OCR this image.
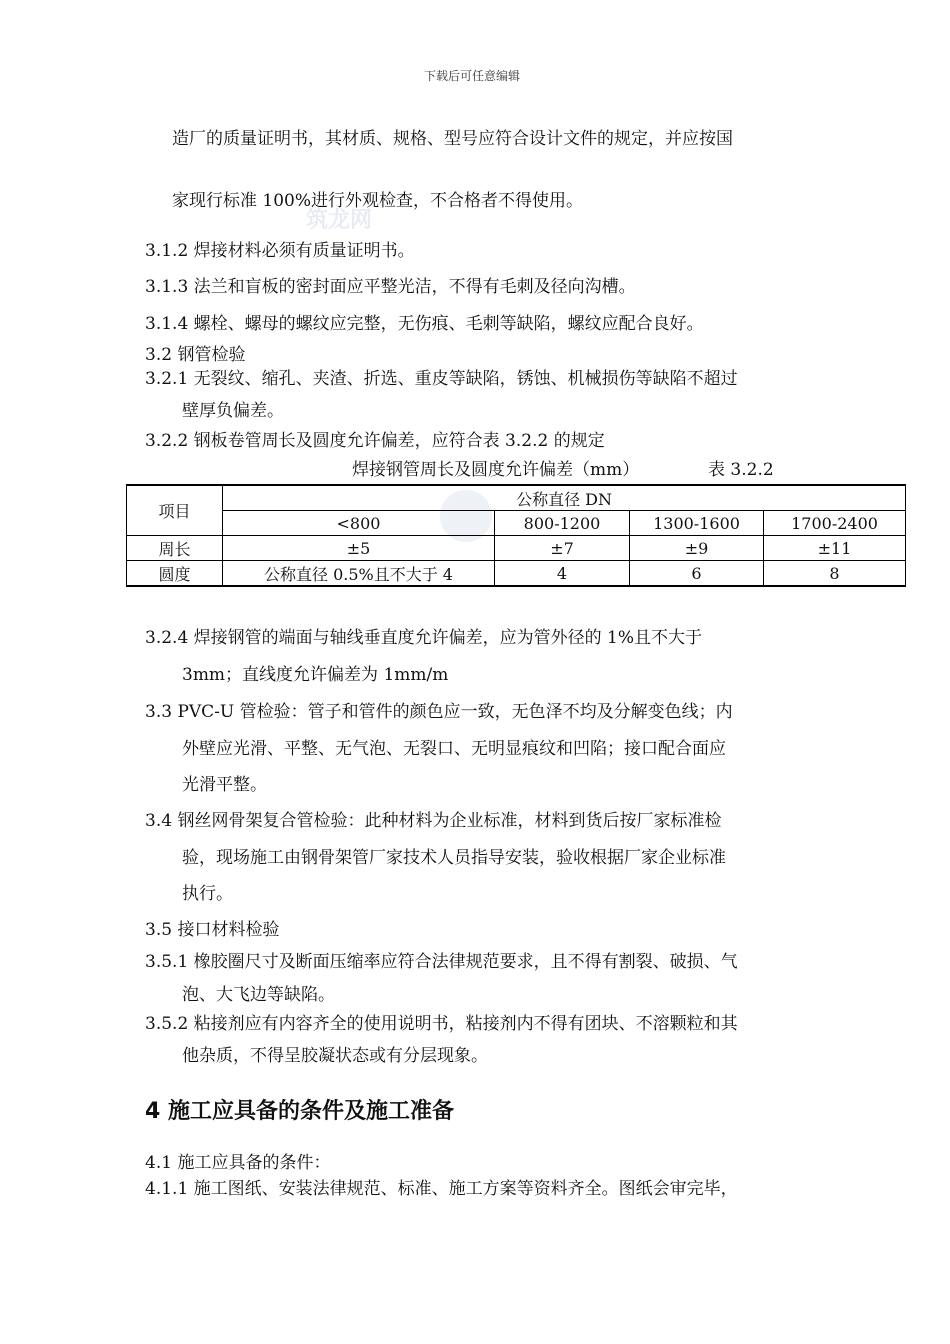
下载后可任意编辑
筑龙网
造厂的质量证明书，其材质、规格、型号应符合设计文件的规定，并应按国
家现行标准 100%进行外观检查，不合格者不得使用。
3.1.2 焊接材料必须有质量证明书。
3.1.3 法兰和盲板的密封面应平整光洁，不得有毛刺及径向沟槽。
3.1.4 螺栓、螺母的螺纹应完整，无伤痕、毛刺等缺陷，螺纹应配合良好。
3.2 钢管检验
3.2.1 无裂纹、缩孔、夹渣、折选、重皮等缺陷，锈蚀、机械损伤等缺陷不超过
壁厚负偏差。
3.2.2 钢板卷管周长及圆度允许偏差，应符合表 3.2.2 的规定
焊接钢管周长及圆度允许偏差（mm）	表 3.2.2
项目	公称直径 DN			
	<800	800-1200	1300-1600	1700-2400
周长	±5	±7	±9	±11
圆度	公称直径 0.5%且不大于 4	4	6	8
3.2.4 焊接钢管的端面与轴线垂直度允许偏差，应为管外径的 1%且不大于
3mm；直线度允许偏差为 1mm/m
3.3 PVC-U 管检验：管子和管件的颜色应一致，无色泽不均及分解变色线；内
外壁应光滑、平整、无气泡、无裂口、无明显痕纹和凹陷；接口配合面应
光滑平整。
3.4 钢丝网骨架复合管检验：此种材料为企业标准，材料到货后按厂家标准检
验，现场施工由钢骨架管厂家技术人员指导安装，验收根据厂家企业标准
执行。
3.5 接口材料检验
3.5.1 橡胶圈尺寸及断面压缩率应符合法律规范要求，且不得有割裂、破损、气
泡、大飞边等缺陷。
3.5.2 粘接剂应有内容齐全的使用说明书，粘接剂内不得有团块、不溶颗粒和其
他杂质，不得呈胶凝状态或有分层现象。
4 施工应具备的条件及施工准备
4.1 施工应具备的条件：
4.1.1 施工图纸、安装法律规范、标准、施工方案等资料齐全。图纸会审完毕，
